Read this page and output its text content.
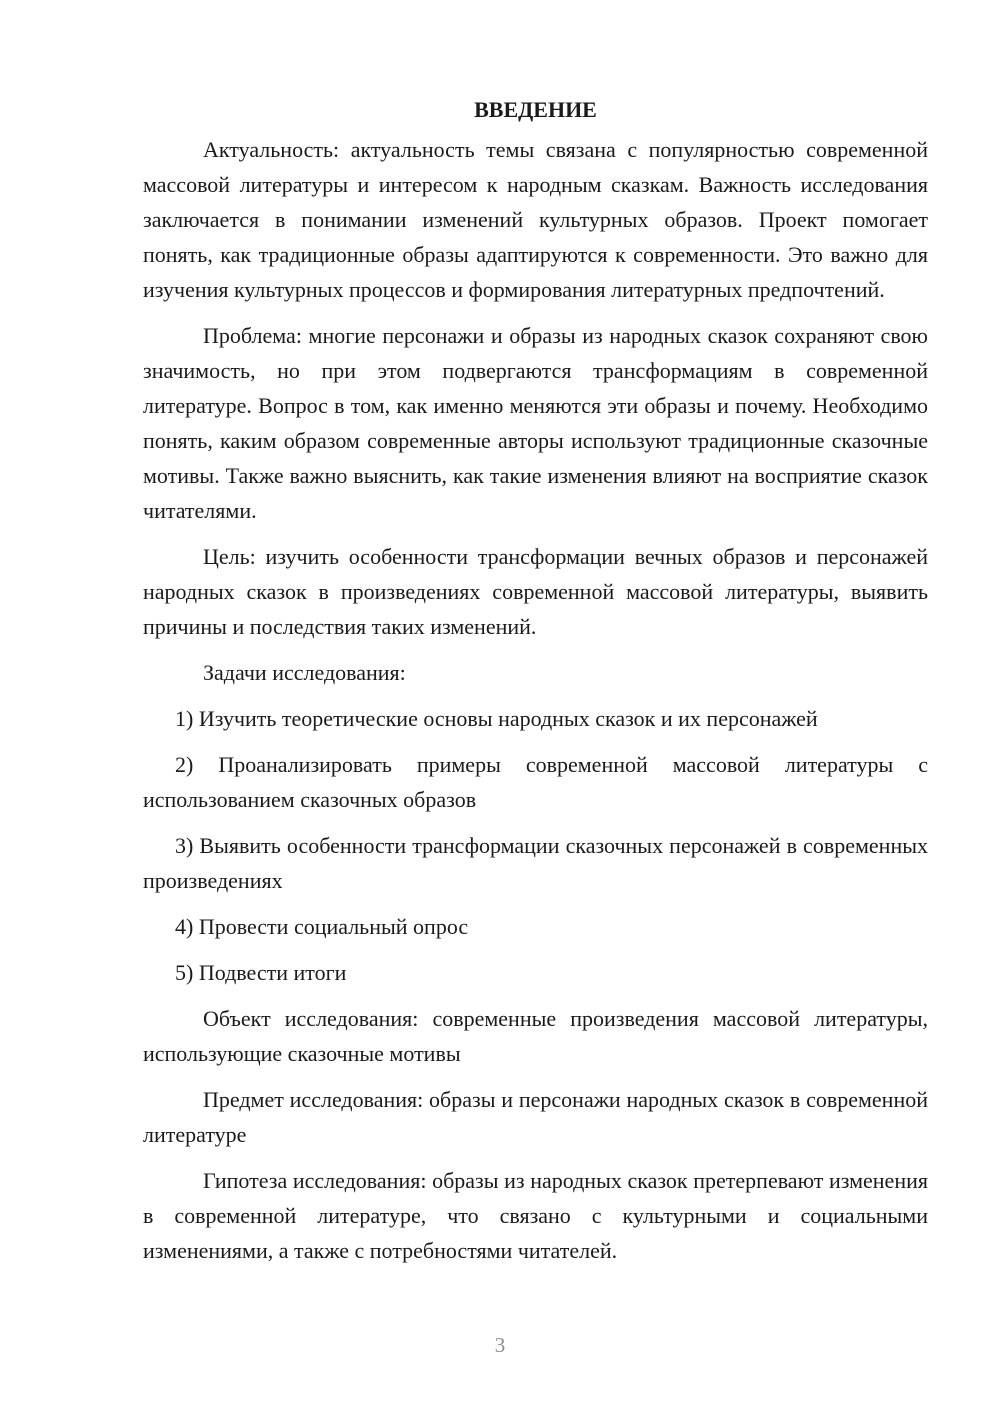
ВВЕДЕНИЕ

Актуальность: актуальность темы связана с популярностью современной массовой литературы и интересом к народным сказкам. Важность исследования заключается в понимании изменений культурных образов. Проект помогает понять, как традиционные образы адаптируются к современности. Это важно для изучения культурных процессов и формирования литературных предпочтений.

Проблема: многие персонажи и образы из народных сказок сохраняют свою значимость, но при этом подвергаются трансформациям в современной литературе. Вопрос в том, как именно меняются эти образы и почему. Необходимо понять, каким образом современные авторы используют традиционные сказочные мотивы. Также важно выяснить, как такие изменения влияют на восприятие сказок читателями.

Цель: изучить особенности трансформации вечных образов и персонажей народных сказок в произведениях современной массовой литературы, выявить причины и последствия таких изменений.

Задачи исследования:

1) Изучить теоретические основы народных сказок и их персонажей

2) Проанализировать примеры современной массовой литературы с использованием сказочных образов

3) Выявить особенности трансформации сказочных персонажей в современных произведениях

4) Провести социальный опрос

5) Подвести итоги

Объект исследования: современные произведения массовой литературы, использующие сказочные мотивы

Предмет исследования: образы и персонажи народных сказок в современной литературе

Гипотеза исследования: образы из народных сказок претерпевают изменения в современной литературе, что связано с культурными и социальными изменениями, а также с потребностями читателей.

3
